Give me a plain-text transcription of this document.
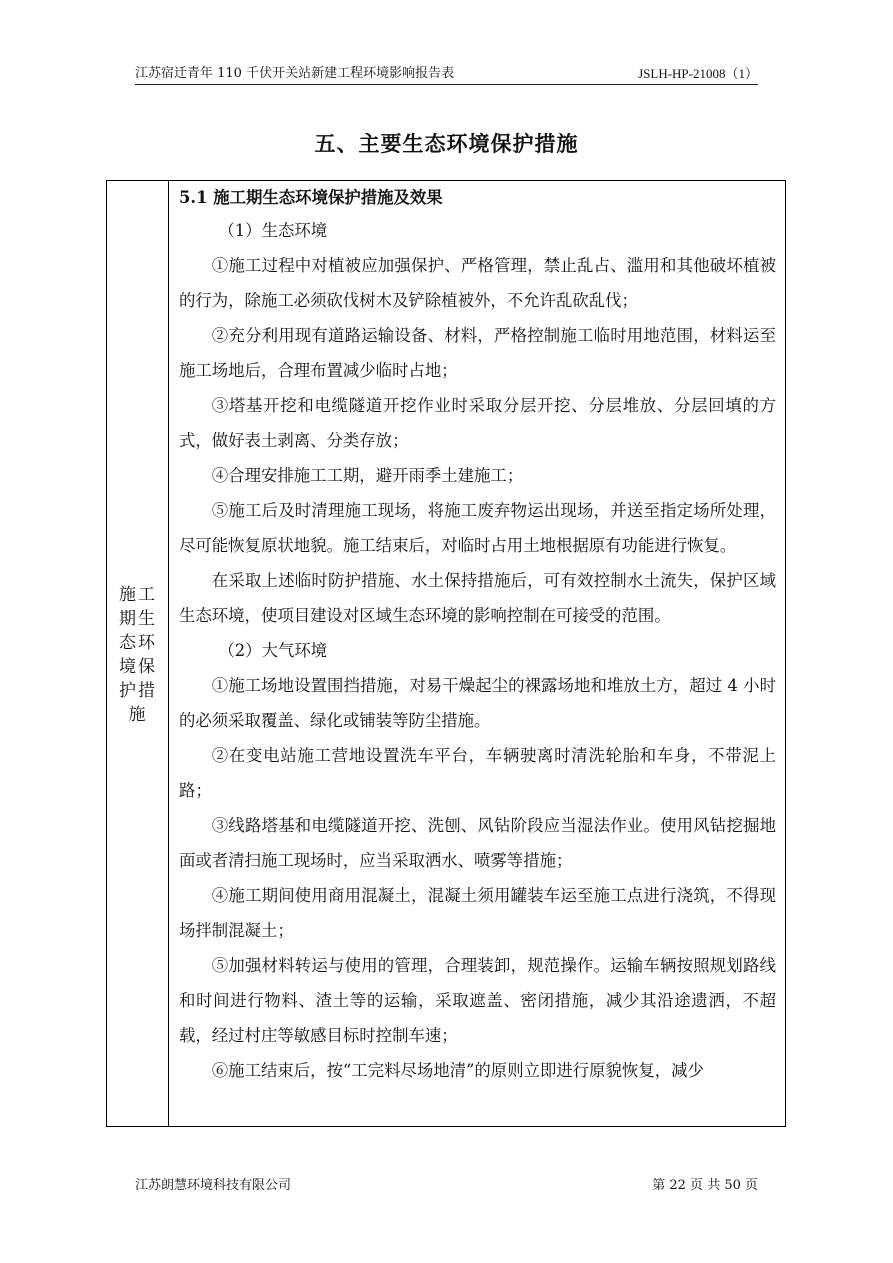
江苏宿迁青年 110 千伏开关站新建工程环境影响报告表	JSLH-HP-21008（1）
五、主要生态环境保护措施
施工期生态环境保护措施

5.1 施工期生态环境保护措施及效果

（1）生态环境

①施工过程中对植被应加强保护、严格管理，禁止乱占、滥用和其他破坏植被的行为，除施工必须砍伐树木及铲除植被外，不允许乱砍乱伐；

②充分利用现有道路运输设备、材料，严格控制施工临时用地范围，材料运至施工场地后，合理布置减少临时占地；

③塔基开挖和电缆隧道开挖作业时采取分层开挖、分层堆放、分层回填的方式，做好表土剥离、分类存放；

④合理安排施工工期，避开雨季土建施工；

⑤施工后及时清理施工现场，将施工废弃物运出现场，并送至指定场所处理，尽可能恢复原状地貌。施工结束后，对临时占用土地根据原有功能进行恢复。

在采取上述临时防护措施、水土保持措施后，可有效控制水土流失，保护区域生态环境，使项目建设对区域生态环境的影响控制在可接受的范围。

（2）大气环境

①施工场地设置围挡措施，对易干燥起尘的裸露场地和堆放土方，超过 4 小时的必须采取覆盖、绿化或铺装等防尘措施。

②在变电站施工营地设置洗车平台，车辆驶离时清洗轮胎和车身，不带泥上路；

③线路塔基和电缆隧道开挖、洗刨、风钻阶段应当湿法作业。使用风钻挖掘地面或者清扫施工现场时，应当采取洒水、喷雾等措施；

④施工期间使用商用混凝土，混凝土须用罐装车运至施工点进行浇筑，不得现场拌制混凝土；

⑤加强材料转运与使用的管理，合理装卸，规范操作。运输车辆按照规划路线和时间进行物料、渣土等的运输，采取遮盖、密闭措施，减少其沿途遗洒，不超载，经过村庄等敏感目标时控制车速；

⑥施工结束后，按“工完料尽场地清”的原则立即进行原貌恢复，减少

江苏朗慧环境科技有限公司	第 22 页 共 50 页
